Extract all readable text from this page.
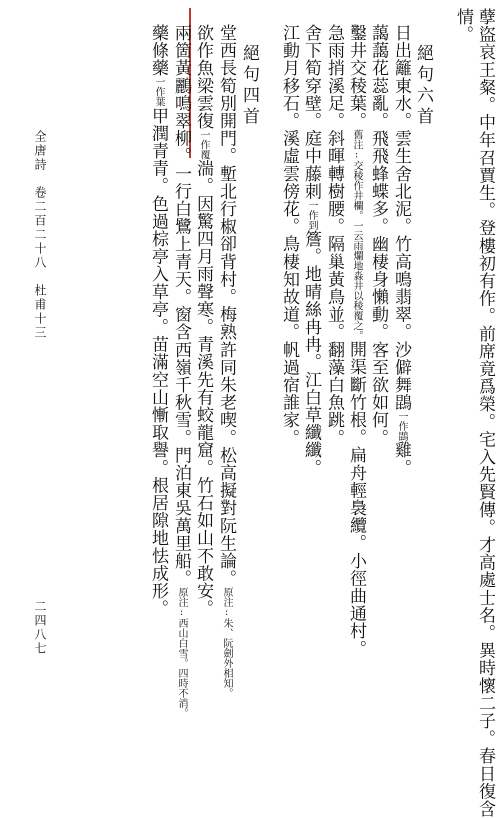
孽盜哀王粲。中年召賈生。登樓初有作。前席竟爲榮。宅入先賢傳。才高處士名。異時懷二子。春日復含
情。
絕句六首
日出籬東水。雲生舍北泥。竹高鳴翡翠。沙僻舞鵾一作鵾雞。
藹藹花蕊亂。飛飛蜂蝶多。幽棲身懶動。客至欲如何。
鑿井交稜葉。舊注:交稜作井欄。一云雨爛地淼井以稜覆之。開渠斷竹根。扁舟輕裊纜。小徑曲通村。
急雨捎溪足。斜暉轉樹腰。隔巢黃鳥並。翻藻白魚跳。
舍下筍穿壁。庭中藤刺一作到簷。地晴絲冉冉。江白草纖纖。
江動月移石。溪虛雲傍花。鳥棲知故道。帆過宿誰家。
絕句四首
堂西長筍別開門。塹北行椒卻背村。梅熟許同朱老喫。松高擬對阮生論。原注:朱、阮劍外相知。
欲作魚梁雲復一作覆湍。因驚四月雨聲寒。青溪先有蛟龍窟。竹石如山不敢安。
兩箇黃鸝鳴翠柳。一行白鷺上青天。窗含西嶺千秋雪。門泊東吳萬里船。原注:西山白雪。四時不消。
藥條藥一作葉甲潤青青。色過棕亭入草亭。苗滿空山慚取譽。根居隙地怯成形。
全唐詩　卷二百二十八　杜甫十三
二四八七
